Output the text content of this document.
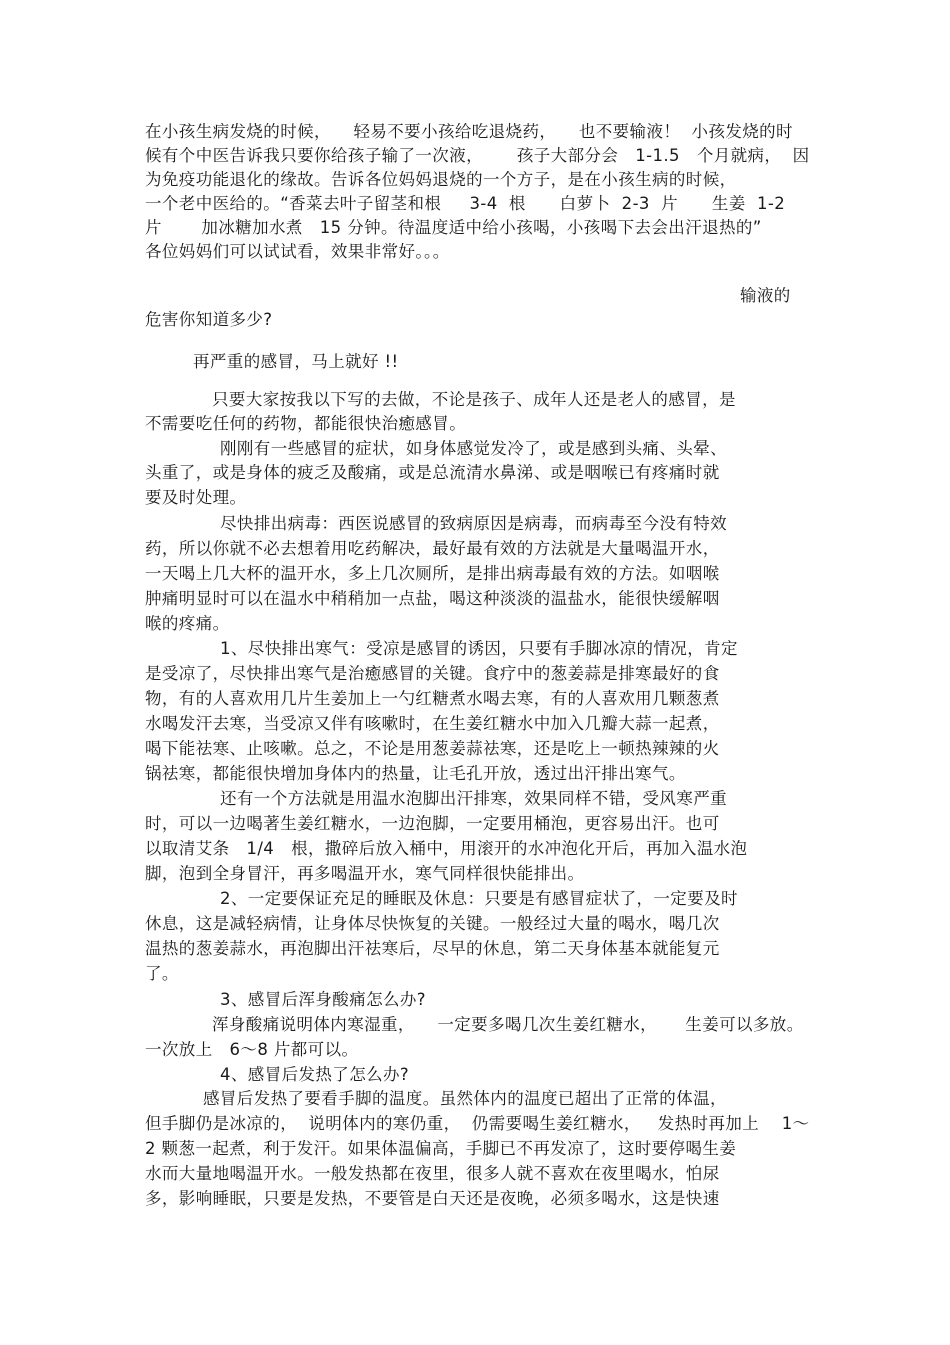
在小孩生病发烧的时候，    轻易不要小孩给吃退烧药，    也不要输液！  小孩发烧的时

候有个中医告诉我只要你给孩子输了一次液，      孩子大部分会   1-1.5   个月就病，  因

为免疫功能退化的缘故。告诉各位妈妈退烧的一个方子，是在小孩生病的时候，

一个老中医给的。“香菜去叶子留茎和根     3-4  根      白萝卜  2-3  片      生姜  1-2

片       加冰糖加水煮   15 分钟。待温度适中给小孩喝，小孩喝下去会出汗退热的”

各位妈妈们可以试试看，效果非常好。。。

输液的

危害你知道多少?

再严重的感冒，马上就好 !!

只要大家按我以下写的去做，不论是孩子、成年人还是老人的感冒，是

不需要吃任何的药物，都能很快治癒感冒。

刚刚有一些感冒的症状，如身体感觉发冷了，或是感到头痛、头晕、

头重了，或是身体的疲乏及酸痛，或是总流清水鼻涕、或是咽喉已有疼痛时就

要及时处理。

尽快排出病毒：西医说感冒的致病原因是病毒，而病毒至今没有特效

药，所以你就不必去想着用吃药解决，最好最有效的方法就是大量喝温开水，

一天喝上几大杯的温开水，多上几次厕所，是排出病毒最有效的方法。如咽喉

肿痛明显时可以在温水中稍稍加一点盐，喝这种淡淡的温盐水，能很快缓解咽

喉的疼痛。

1、尽快排出寒气：受凉是感冒的诱因，只要有手脚冰凉的情况，肯定

是受凉了，尽快排出寒气是治癒感冒的关键。食疗中的葱姜蒜是排寒最好的食

物，有的人喜欢用几片生姜加上一勺红糖煮水喝去寒，有的人喜欢用几颗葱煮

水喝发汗去寒，当受凉又伴有咳嗽时，在生姜红糖水中加入几瓣大蒜一起煮，

喝下能祛寒、止咳嗽。总之，不论是用葱姜蒜祛寒，还是吃上一顿热辣辣的火

锅祛寒，都能很快增加身体内的热量，让毛孔开放，透过出汗排出寒气。

还有一个方法就是用温水泡脚出汗排寒，效果同样不错，受风寒严重

时，可以一边喝著生姜红糖水，一边泡脚，一定要用桶泡，更容易出汗。也可

以取清艾条   1/4   根，撒碎后放入桶中，用滚开的水冲泡化开后，再加入温水泡

脚，泡到全身冒汗，再多喝温开水，寒气同样很快能排出。

2、一定要保证充足的睡眠及休息：只要是有感冒症状了，一定要及时

休息，这是减轻病情，让身体尽快恢复的关键。一般经过大量的喝水，喝几次

温热的葱姜蒜水，再泡脚出汗祛寒后，尽早的休息，第二天身体基本就能复元

了。

3、感冒后浑身酸痛怎么办?

浑身酸痛说明体内寒湿重，    一定要多喝几次生姜红糖水，     生姜可以多放。

一次放上   6～8 片都可以。

4、感冒后发热了怎么办?

感冒后发热了要看手脚的温度。虽然体内的温度已超出了正常的体温，

但手脚仍是冰凉的，  说明体内的寒仍重，  仍需要喝生姜红糖水，   发热时再加上    1～

2 颗葱一起煮，利于发汗。如果体温偏高，手脚已不再发凉了，这时要停喝生姜

水而大量地喝温开水。一般发热都在夜里，很多人就不喜欢在夜里喝水，怕尿

多，影响睡眠，只要是发热，不要管是白天还是夜晚，必须多喝水，这是快速
